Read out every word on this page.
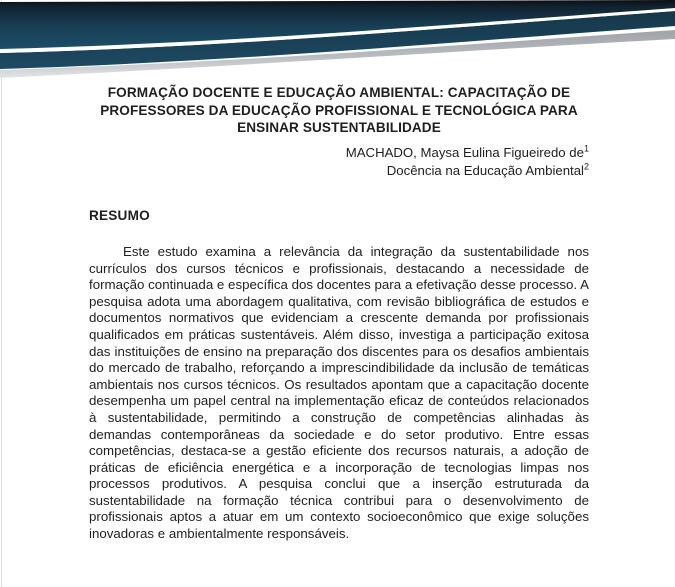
FORMAÇÃO DOCENTE E EDUCAÇÃO AMBIENTAL: CAPACITAÇÃO DE
PROFESSORES DA EDUCAÇÃO PROFISSIONAL E TECNOLÓGICA PARA
ENSINAR SUSTENTABILIDADE
MACHADO, Maysa Eulina Figueiredo $de^1$
Docência na Educação Ambiental$^2$
RESUMO

Este estudo examina a relevância da integração da sustentabilidade nos currículos dos cursos técnicos e profissionais, destacando a necessidade de formação continuada e específica dos docentes para a efetivação desse processo. A pesquisa adota uma abordagem qualitativa, com revisão bibliográfica de estudos e documentos normativos que evidenciam a crescente demanda por profissionais qualificados em práticas sustentáveis. Além disso, investiga a participação exitosa das instituições de ensino na preparação dos discentes para os desafios ambientais do mercado de trabalho, reforçando a imprescindibilidade da inclusão de temáticas ambientais nos cursos técnicos. Os resultados apontam que a capacitação docente desempenha um papel central na implementação eficaz de conteúdos relacionados à sustentabilidade, permitindo a construção de competências alinhadas às demandas contemporâneas da sociedade e do setor produtivo. Entre essas competências, destaca-se a gestão eficiente dos recursos naturais, a adoção de práticas de eficiência energética e a incorporação de tecnologias limpas nos processos produtivos. A pesquisa conclui que a inserção estruturada da sustentabilidade na formação técnica contribui para o desenvolvimento de profissionais aptos a atuar em um contexto socioeconômico que exige soluções inovadoras e ambientalmente responsáveis.
